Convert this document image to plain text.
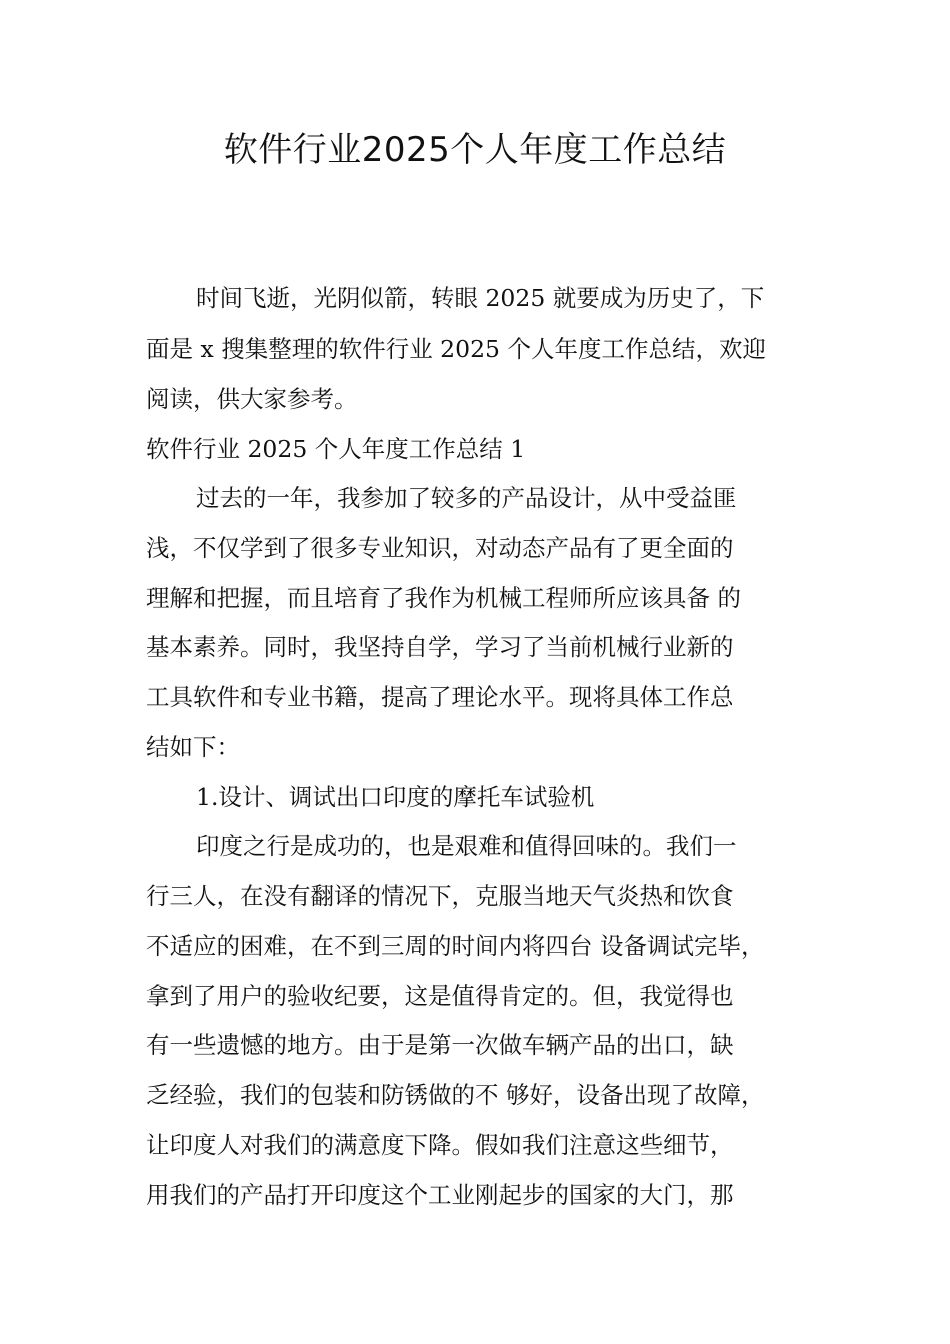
软件行业2025个人年度工作总结

时间飞逝，光阴似箭，转眼 2025 就要成为历史了，下

面是 x 搜集整理的软件行业 2025 个人年度工作总结，欢迎

阅读，供大家参考。

软件行业 2025 个人年度工作总结 1

过去的一年，我参加了较多的产品设计，从中受益匪

浅，不仅学到了很多专业知识，对动态产品有了更全面的

理解和把握，而且培育了我作为机械工程师所应该具备 的

基本素养。同时，我坚持自学，学习了当前机械行业新的

工具软件和专业书籍，提高了理论水平。现将具体工作总

结如下：

1.设计、调试出口印度的摩托车试验机

印度之行是成功的，也是艰难和值得回味的。我们一

行三人，在没有翻译的情况下，克服当地天气炎热和饮食

不适应的困难，在不到三周的时间内将四台 设备调试完毕，

拿到了用户的验收纪要，这是值得肯定的。但，我觉得也

有一些遗憾的地方。由于是第一次做车辆产品的出口，缺

乏经验，我们的包装和防锈做的不 够好，设备出现了故障，

让印度人对我们的满意度下降。假如我们注意这些细节，

用我们的产品打开印度这个工业刚起步的国家的大门，那
